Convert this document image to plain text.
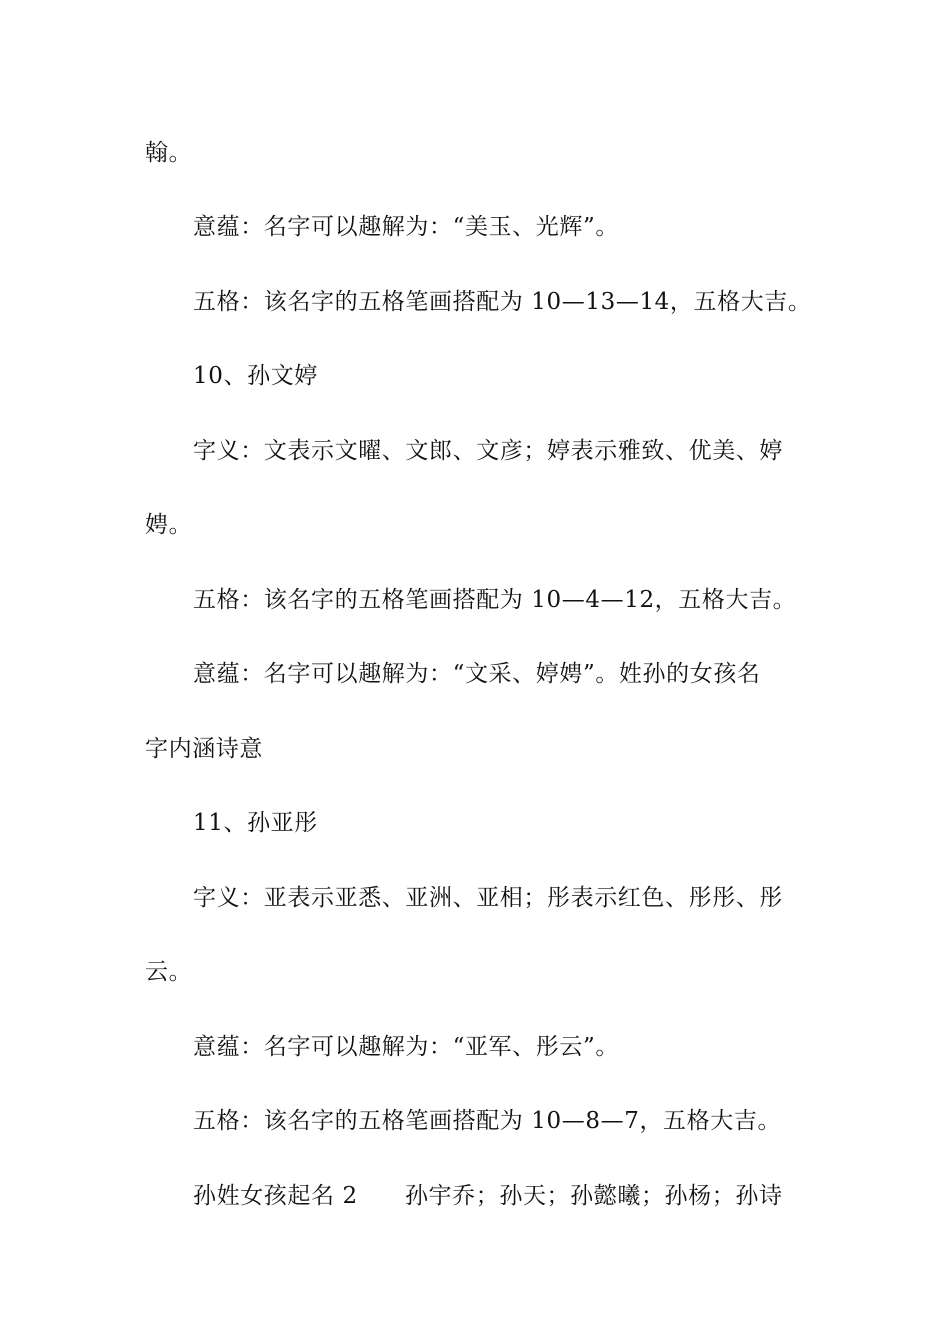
翰。
意蕴：名字可以趣解为：“美玉、光辉”。
五格：该名字的五格笔画搭配为 10—13—14，五格大吉。
10、孙文婷
字义：文表示文曜、文郎、文彦；婷表示雅致、优美、婷
娉。
五格：该名字的五格笔画搭配为 10—4—12，五格大吉。
意蕴：名字可以趣解为：“文采、婷娉”。姓孙的女孩名
字内涵诗意
11、孙亚彤
字义：亚表示亚悉、亚洲、亚相；彤表示红色、彤彤、彤
云。
意蕴：名字可以趣解为：“亚军、彤云”。
五格：该名字的五格笔画搭配为 10—8—7，五格大吉。
孙姓女孩起名 2　　孙宇乔；孙天；孙懿曦；孙杨；孙诗
